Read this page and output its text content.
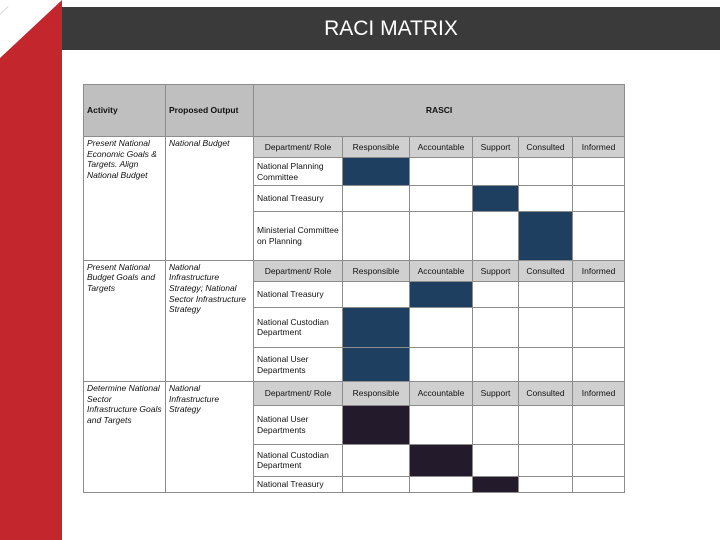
RACI MATRIX
Activity	Proposed Output	RASCI					
Present National Economic Goals & Targets. Align National Budget	National Budget	Department/ Role	Responsible	Accountable	Support	Consulted	Informed
		National Planning Committee					
		National Treasury					
		Ministerial Committee on Planning					
Present National Budget Goals and Targets	National Infrastructure Strategy; National Sector Infrastructure Strategy	Department/ Role	Responsible	Accountable	Support	Consulted	Informed
		National Treasury					
		National Custodian Department					
		National User Departments					
Determine National Sector Infrastructure Goals and Targets	National Infrastructure Strategy	Department/ Role	Responsible	Accountable	Support	Consulted	Informed
		National User Departments					
		National Custodian Department					
		National Treasury					
